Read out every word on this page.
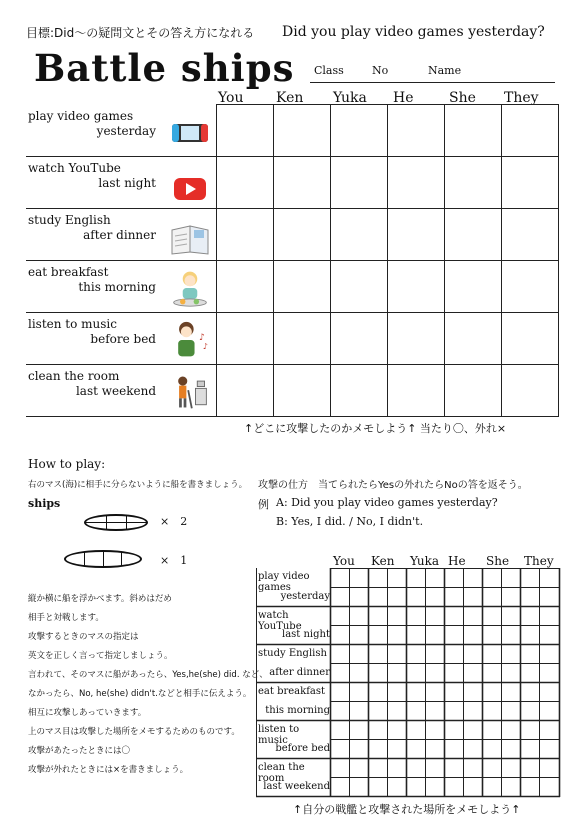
目標:Did～の疑問文とその答え方になれる Did you play video games yesterday?
Battle ships Class	No	Name
You Ken Yuka He	She They
play video games
yesterday
watch YouTube
last night
study English
after dinner
eat breakfast
this morning
listen to music
before bed	♪
♪
clean the room
last weekend
↑どこに攻撃したのかメモしよう↑ 当たり〇、外れ×
How to play:
右のマス(海)に相手に分らないように船を書きましょう。
ships
×　2
×　1
縦か横に船を浮かべます。斜めはだめ
相手と対戦します。
攻撃するときのマスの指定は
英文を正しく言って指定しましょう。
言われて、そのマスに船があったら、Yes,he(she) did. など、
なかったら、No, he(she) didn't.などと相手に伝えよう。
相互に攻撃しあっていきます。
上のマス目は攻撃した場所をメモするためのものです。
攻撃があたったときには〇
攻撃が外れたときには×を書きましょう。
攻撃の仕方　当てられたらYesの外れたらNoの答を返そう。
例 A: Did you play video games yesterday?
B: Yes, I did. / No, I didn't.
You Ken Yuka He She They
play video games
yesterday
watch YouTube
last night
study English
after dinner
eat breakfast
this morning
listen to music
before bed
clean the room
last weekend
↑自分の戦艦と攻撃された場所をメモしよう↑
